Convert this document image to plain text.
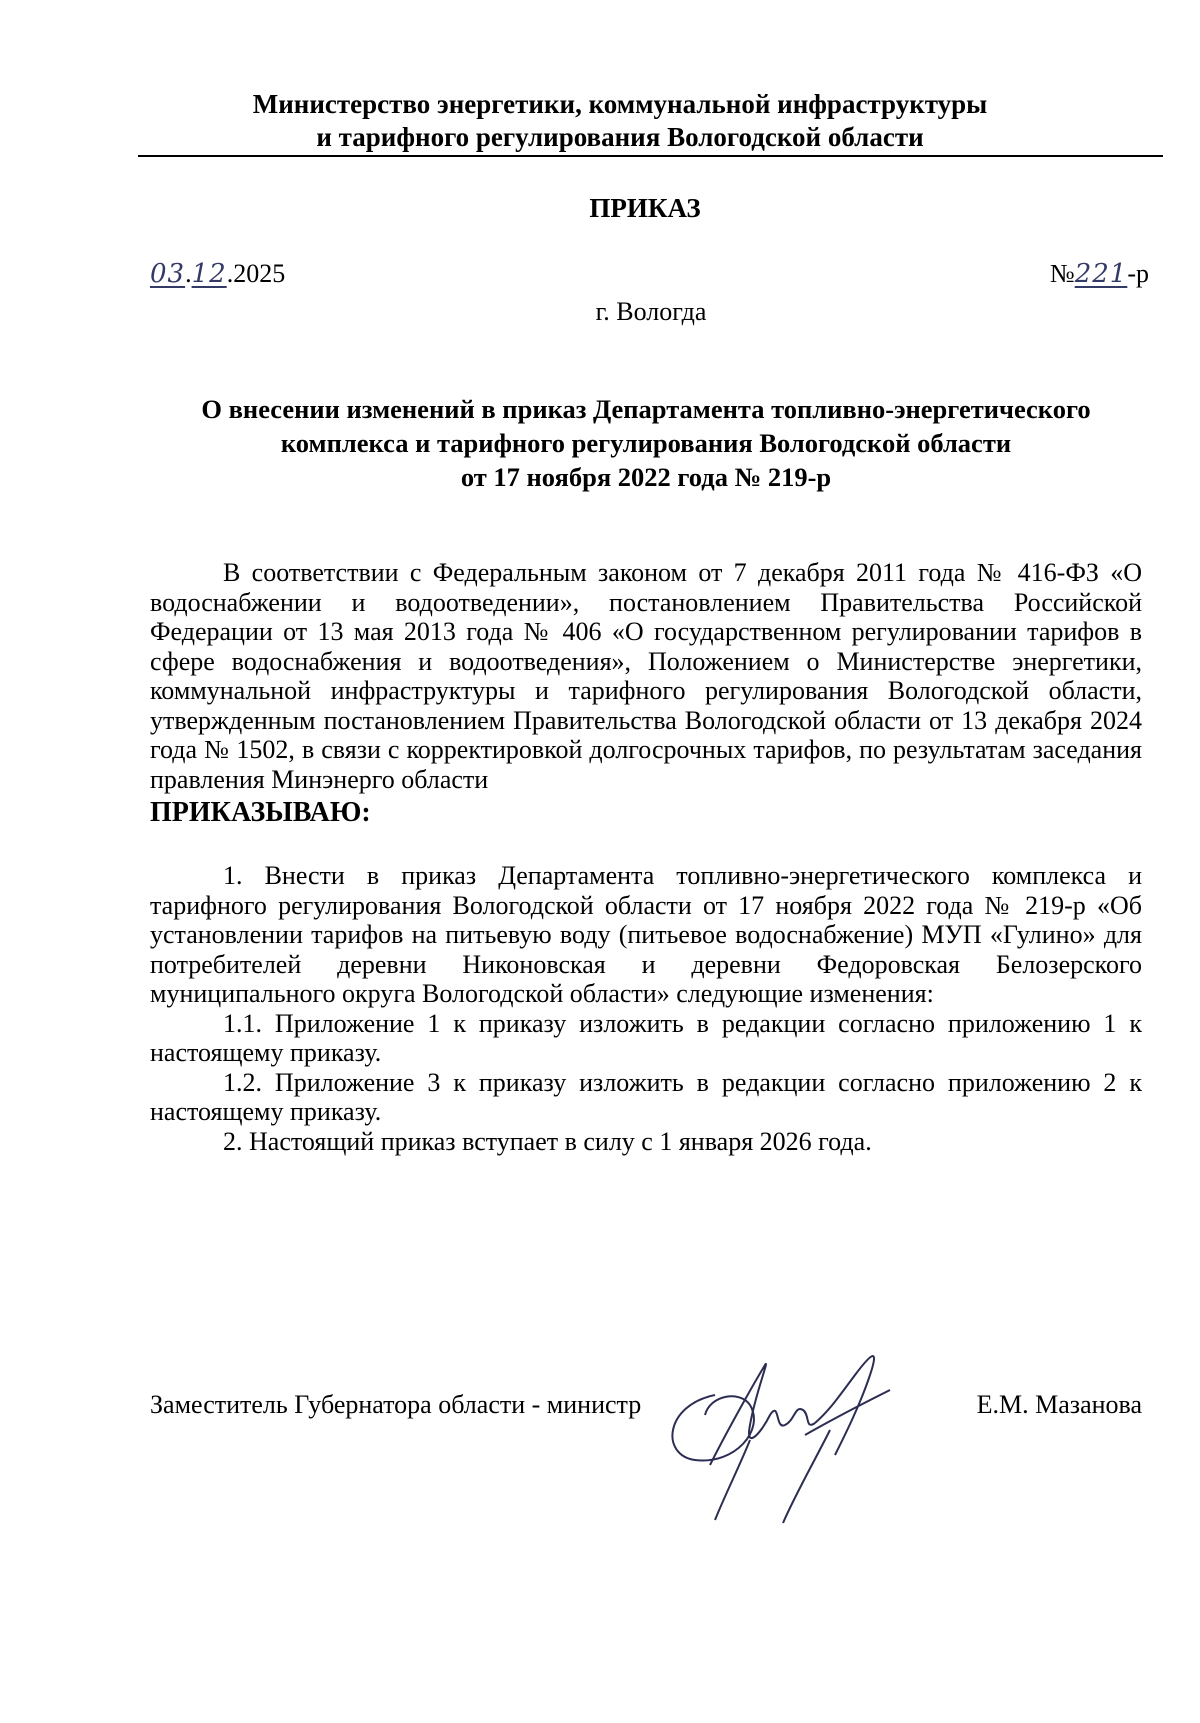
Министерство энергетики, коммунальной инфраструктуры
и тарифного регулирования Вологодской области
ПРИКАЗ
03.12.2025	№221-р
г. Вологда
О внесении изменений в приказ Департамента топливно-энергетического
комплекса и тарифного регулирования Вологодской области
от 17 ноября 2022 года № 219-р

В соответствии с Федеральным законом от 7 декабря 2011 года № 416-ФЗ «О водоснабжении и водоотведении», постановлением Правительства Российской Федерации от 13 мая 2013 года № 406 «О государственном регулировании тарифов в сфере водоснабжения и водоотведения», Положением о Министерстве энергетики, коммунальной инфраструктуры и тарифного регулирования Вологодской области, утвержденным постановлением Правительства Вологодской области от 13 декабря 2024 года № 1502, в связи с корректировкой долгосрочных тарифов, по результатам заседания правления Минэнерго области

ПРИКАЗЫВАЮ:

1. Внести в приказ Департамента топливно-энергетического комплекса и тарифного регулирования Вологодской области от 17 ноября 2022 года № 219-р «Об установлении тарифов на питьевую воду (питьевое водоснабжение) МУП «Гулино» для потребителей деревни Никоновская и деревни Федоровская Белозерского муниципального округа Вологодской области» следующие изменения:

1.1. Приложение 1 к приказу изложить в редакции согласно приложению 1 к настоящему приказу.

1.2. Приложение 3 к приказу изложить в редакции согласно приложению 2 к настоящему приказу.

2. Настоящий приказ вступает в силу с 1 января 2026 года.

Заместитель Губернатора области - министр	Е.М. Мазанова
